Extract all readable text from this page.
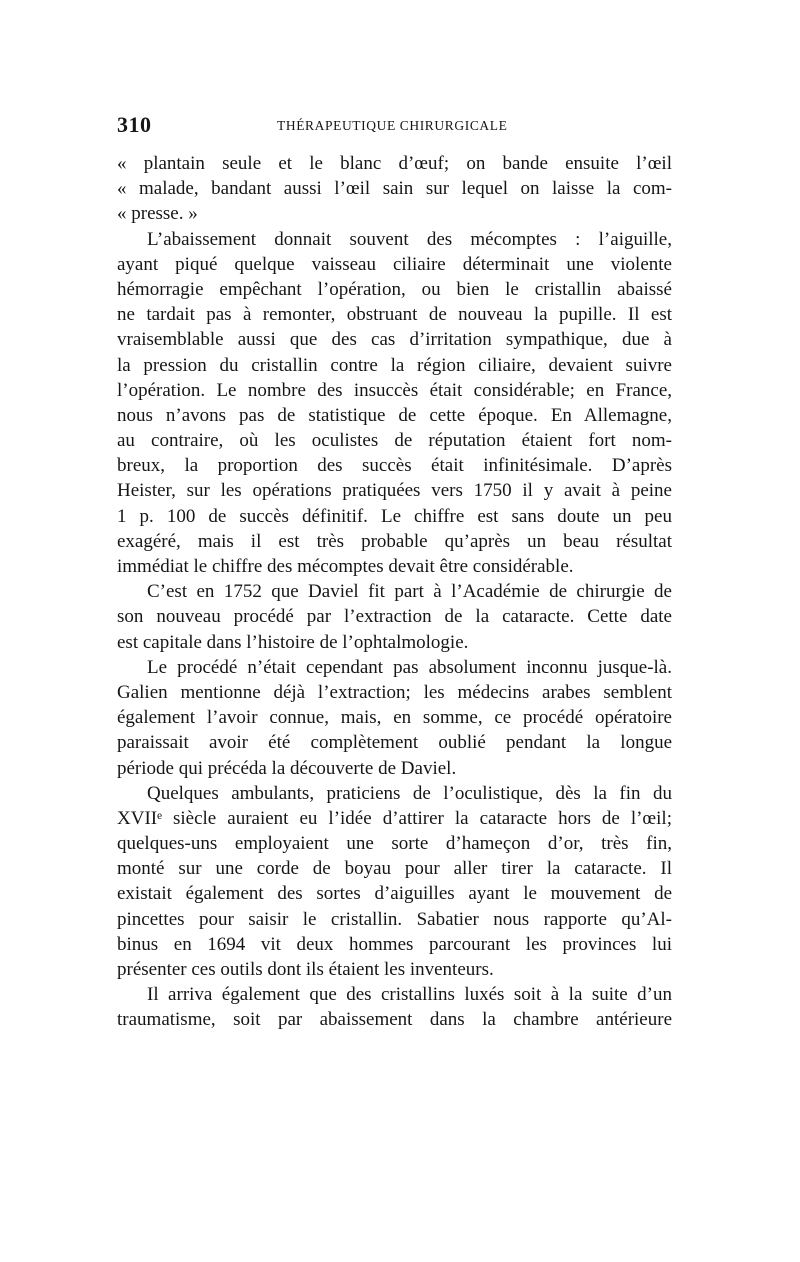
310	THÉRAPEUTIQUE CHIRURGICALE
« plantain seule et le blanc d’œuf; on bande ensuite l’œil
« malade, bandant aussi l’œil sain sur lequel on laisse la com-
« presse. »
L’abaissement donnait souvent des mécomptes : l’aiguille,
ayant piqué quelque vaisseau ciliaire déterminait une violente
hémorragie empêchant l’opération, ou bien le cristallin abaissé
ne tardait pas à remonter, obstruant de nouveau la pupille. Il est
vraisemblable aussi que des cas d’irritation sympathique, due à
la pression du cristallin contre la région ciliaire, devaient suivre
l’opération. Le nombre des insuccès était considérable; en France,
nous n’avons pas de statistique de cette époque. En Allemagne,
au contraire, où les oculistes de réputation étaient fort nom-
breux, la proportion des succès était infinitésimale. D’après
Heister, sur les opérations pratiquées vers 1750 il y avait à peine
1 p. 100 de succès définitif. Le chiffre est sans doute un peu
exagéré, mais il est très probable qu’après un beau résultat
immédiat le chiffre des mécomptes devait être considérable.
C’est en 1752 que Daviel fit part à l’Académie de chirurgie de
son nouveau procédé par l’extraction de la cataracte. Cette date
est capitale dans l’histoire de l’ophtalmologie.
Le procédé n’était cependant pas absolument inconnu jusque-là.
Galien mentionne déjà l’extraction; les médecins arabes semblent
également l’avoir connue, mais, en somme, ce procédé opératoire
paraissait avoir été complètement oublié pendant la longue
période qui précéda la découverte de Daviel.
Quelques ambulants, praticiens de l’oculistique, dès la fin du
XVIIᵉ siècle auraient eu l’idée d’attirer la cataracte hors de l’œil;
quelques-uns employaient une sorte d’hameçon d’or, très fin,
monté sur une corde de boyau pour aller tirer la cataracte. Il
existait également des sortes d’aiguilles ayant le mouvement de
pincettes pour saisir le cristallin. Sabatier nous rapporte qu’Al-
binus en 1694 vit deux hommes parcourant les provinces lui
présenter ces outils dont ils étaient les inventeurs.
Il arriva également que des cristallins luxés soit à la suite d’un
traumatisme, soit par abaissement dans la chambre antérieure
